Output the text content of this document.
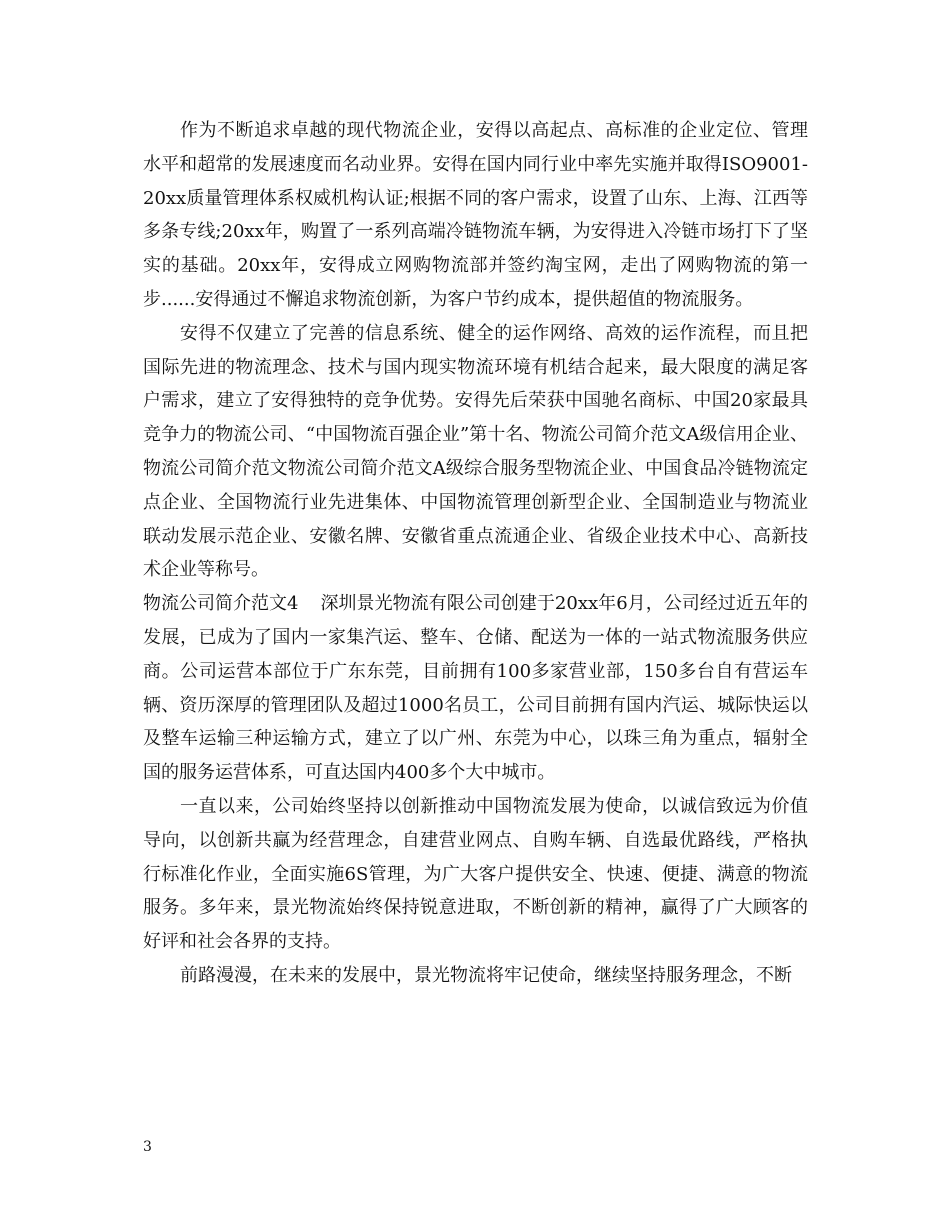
作为不断追求卓越的现代物流企业，安得以高起点、高标准的企业定位、管理水平和超常的发展速度而名动业界。安得在国内同行业中率先实施并取得ISO9001-20xx质量管理体系权威机构认证;根据不同的客户需求，设置了山东、上海、江西等多条专线;20xx年，购置了一系列高端冷链物流车辆，为安得进入冷链市场打下了坚实的基础。20xx年，安得成立网购物流部并签约淘宝网，走出了网购物流的第一步......安得通过不懈追求物流创新，为客户节约成本，提供超值的物流服务。

安得不仅建立了完善的信息系统、健全的运作网络、高效的运作流程，而且把国际先进的物流理念、技术与国内现实物流环境有机结合起来，最大限度的满足客户需求，建立了安得独特的竞争优势。安得先后荣获中国驰名商标、中国20家最具竞争力的物流公司、“中国物流百强企业”第十名、物流公司简介范文A级信用企业、物流公司简介范文物流公司简介范文A级综合服务型物流企业、中国食品冷链物流定点企业、全国物流行业先进集体、中国物流管理创新型企业、全国制造业与物流业联动发展示范企业、安徽名牌、安徽省重点流通企业、省级企业技术中心、高新技术企业等称号。

物流公司简介范文4 深圳景光物流有限公司创建于20xx年6月，公司经过近五年的发展，已成为了国内一家集汽运、整车、仓储、配送为一体的一站式物流服务供应商。公司运营本部位于广东东莞，目前拥有100多家营业部，150多台自有营运车辆、资历深厚的管理团队及超过1000名员工，公司目前拥有国内汽运、城际快运以及整车运输三种运输方式，建立了以广州、东莞为中心，以珠三角为重点，辐射全国的服务运营体系，可直达国内400多个大中城市。

一直以来，公司始终坚持以创新推动中国物流发展为使命，以诚信致远为价值导向，以创新共赢为经营理念，自建营业网点、自购车辆、自选最优路线，严格执行标准化作业，全面实施6S管理，为广大客户提供安全、快速、便捷、满意的物流服务。多年来，景光物流始终保持锐意进取，不断创新的精神，赢得了广大顾客的好评和社会各界的支持。

前路漫漫，在未来的发展中，景光物流将牢记使命，继续坚持服务理念，不断

3
